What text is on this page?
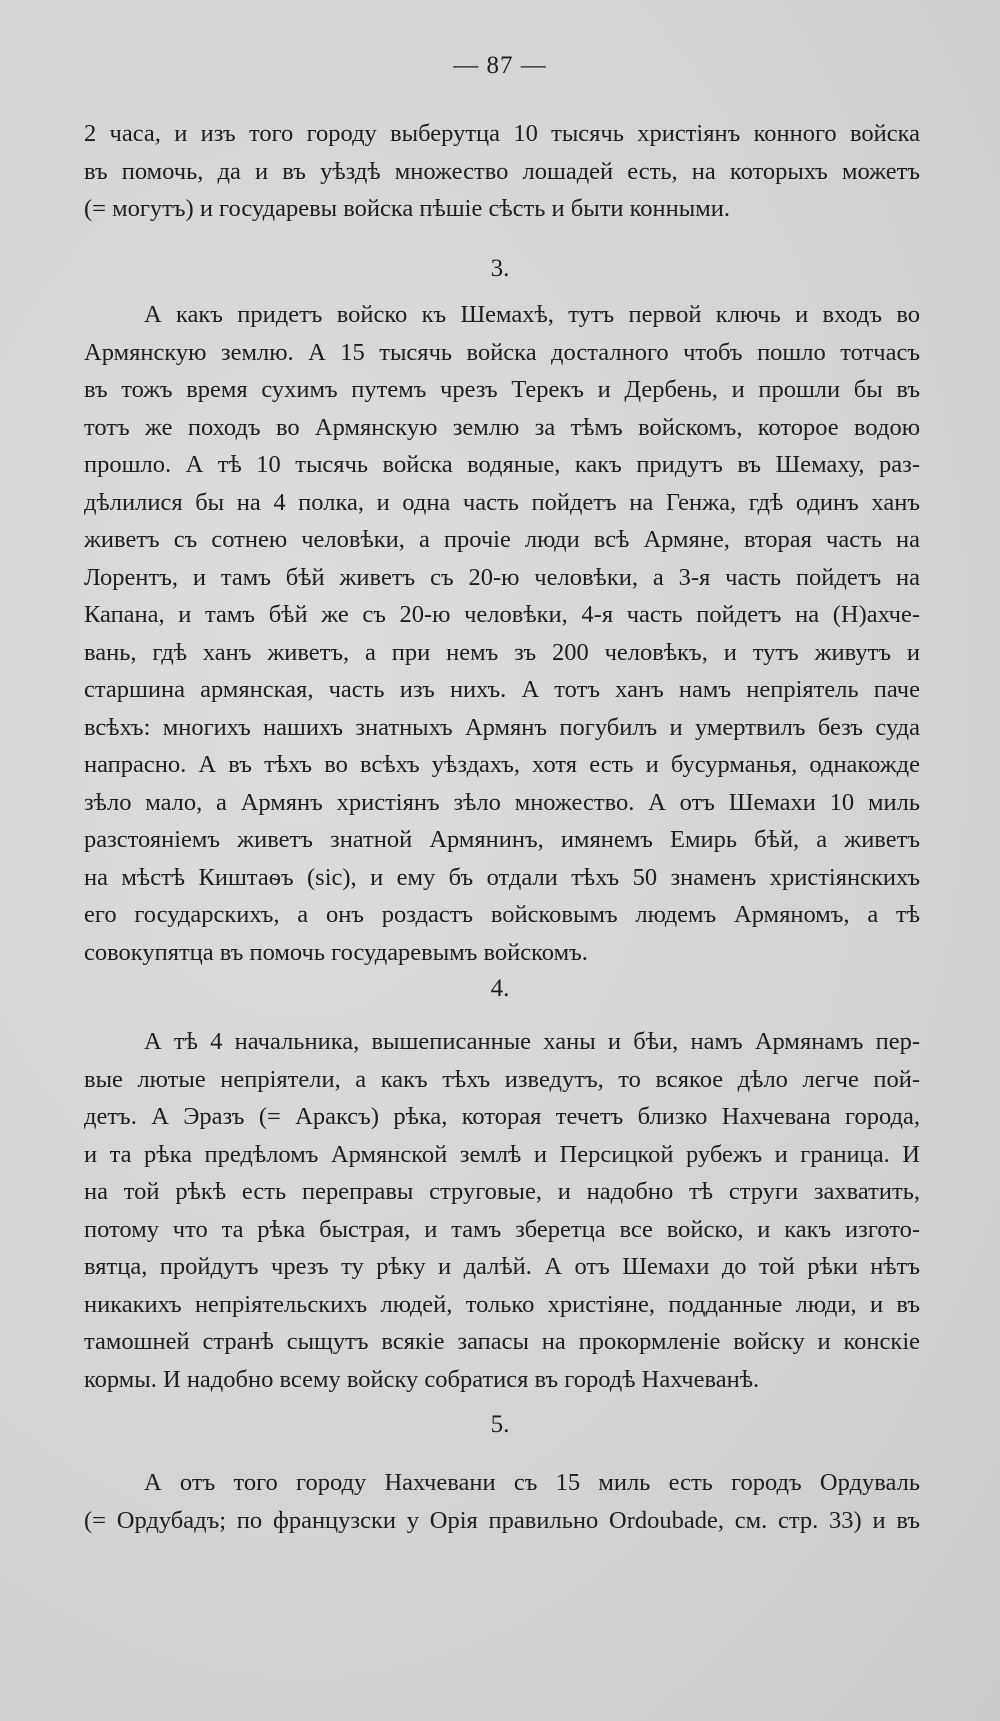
— 87 —

2 часа, и изъ того городу выберутца 10 тысячь христіянъ конного войска

въ помочь, да и въ уѣздѣ множество лошадей есть, на которыхъ можетъ

(= могутъ) и государевы войска пѣшіе сѣсть и быти конными.

3.

А какъ придетъ войско къ Шемахѣ, тутъ первой ключь и входъ во

Армянскую землю. А 15 тысячь войска досталного чтобъ пошло тотчасъ

въ тожъ время сухимъ путемъ чрезъ Терекъ и Дербень, и прошли бы въ

тотъ же походъ во Армянскую землю за тѣмъ войскомъ, которое водою

прошло. А тѣ 10 тысячь войска водяные, какъ придутъ въ Шемаху, раз-

дѣлилися бы на 4 полка, и одна часть пойдетъ на Генжа, гдѣ одинъ ханъ

живетъ съ сотнею человѣки, а прочіе люди всѣ Армяне, вторая часть на

Лорентъ, и тамъ бѣй живетъ съ 20-ю человѣки, а 3-я часть пойдетъ на

Капана, и тамъ бѣй же съ 20-ю человѣки, 4-я часть пойдетъ на (Н)ахче-

вань, гдѣ ханъ живетъ, а при немъ зъ 200 человѣкъ, и тутъ живутъ и

старшина армянская, часть изъ нихъ. А тотъ ханъ намъ непріятель паче

всѣхъ: многихъ нашихъ знатныхъ Армянъ погубилъ и умертвилъ безъ суда

напрасно. А въ тѣхъ во всѣхъ уѣздахъ, хотя есть и бусурманья, однакожде

зѣло мало, а Армянъ христіянъ зѣло множество. А отъ Шемахи 10 миль

разстояніемъ живетъ знатной Армянинъ, имянемъ Емирь бѣй, а живетъ

на мѣстѣ Киштаѳъ (sic), и ему бъ отдали тѣхъ 50 знаменъ христіянскихъ

его государскихъ, а онъ роздастъ войсковымъ людемъ Армяномъ, а тѣ

совокупятца въ помочь государевымъ войскомъ.

4.

А тѣ 4 начальника, вышеписанные ханы и бѣи, намъ Армянамъ пер-

вые лютые непріятели, а какъ тѣхъ изведутъ, то всякое дѣло легче пой-

детъ. А Эразъ (= Араксъ) рѣка, которая течетъ близко Нахчевана города,

и та рѣка предѣломъ Армянской землѣ и Персицкой рубежъ и граница. И

на той рѣкѣ есть переправы струговые, и надобно тѣ струги захватить,

потому что та рѣка быстрая, и тамъ зберетца все войско, и какъ изгото-

вятца, пройдутъ чрезъ ту рѣку и далѣй. А отъ Шемахи до той рѣки нѣтъ

никакихъ непріятельскихъ людей, только христіяне, подданные люди, и въ

тамошней странѣ сыщутъ всякіе запасы на прокормленіе войску и конскіе

кормы. И надобно всему войску собратися въ городѣ Нахчеванѣ.

5.

А отъ того городу Нахчевани съ 15 миль есть городъ Ордуваль

(= Ордубадъ; по французски у Орія правильно Ordoubade, см. стр. 33) и въ
